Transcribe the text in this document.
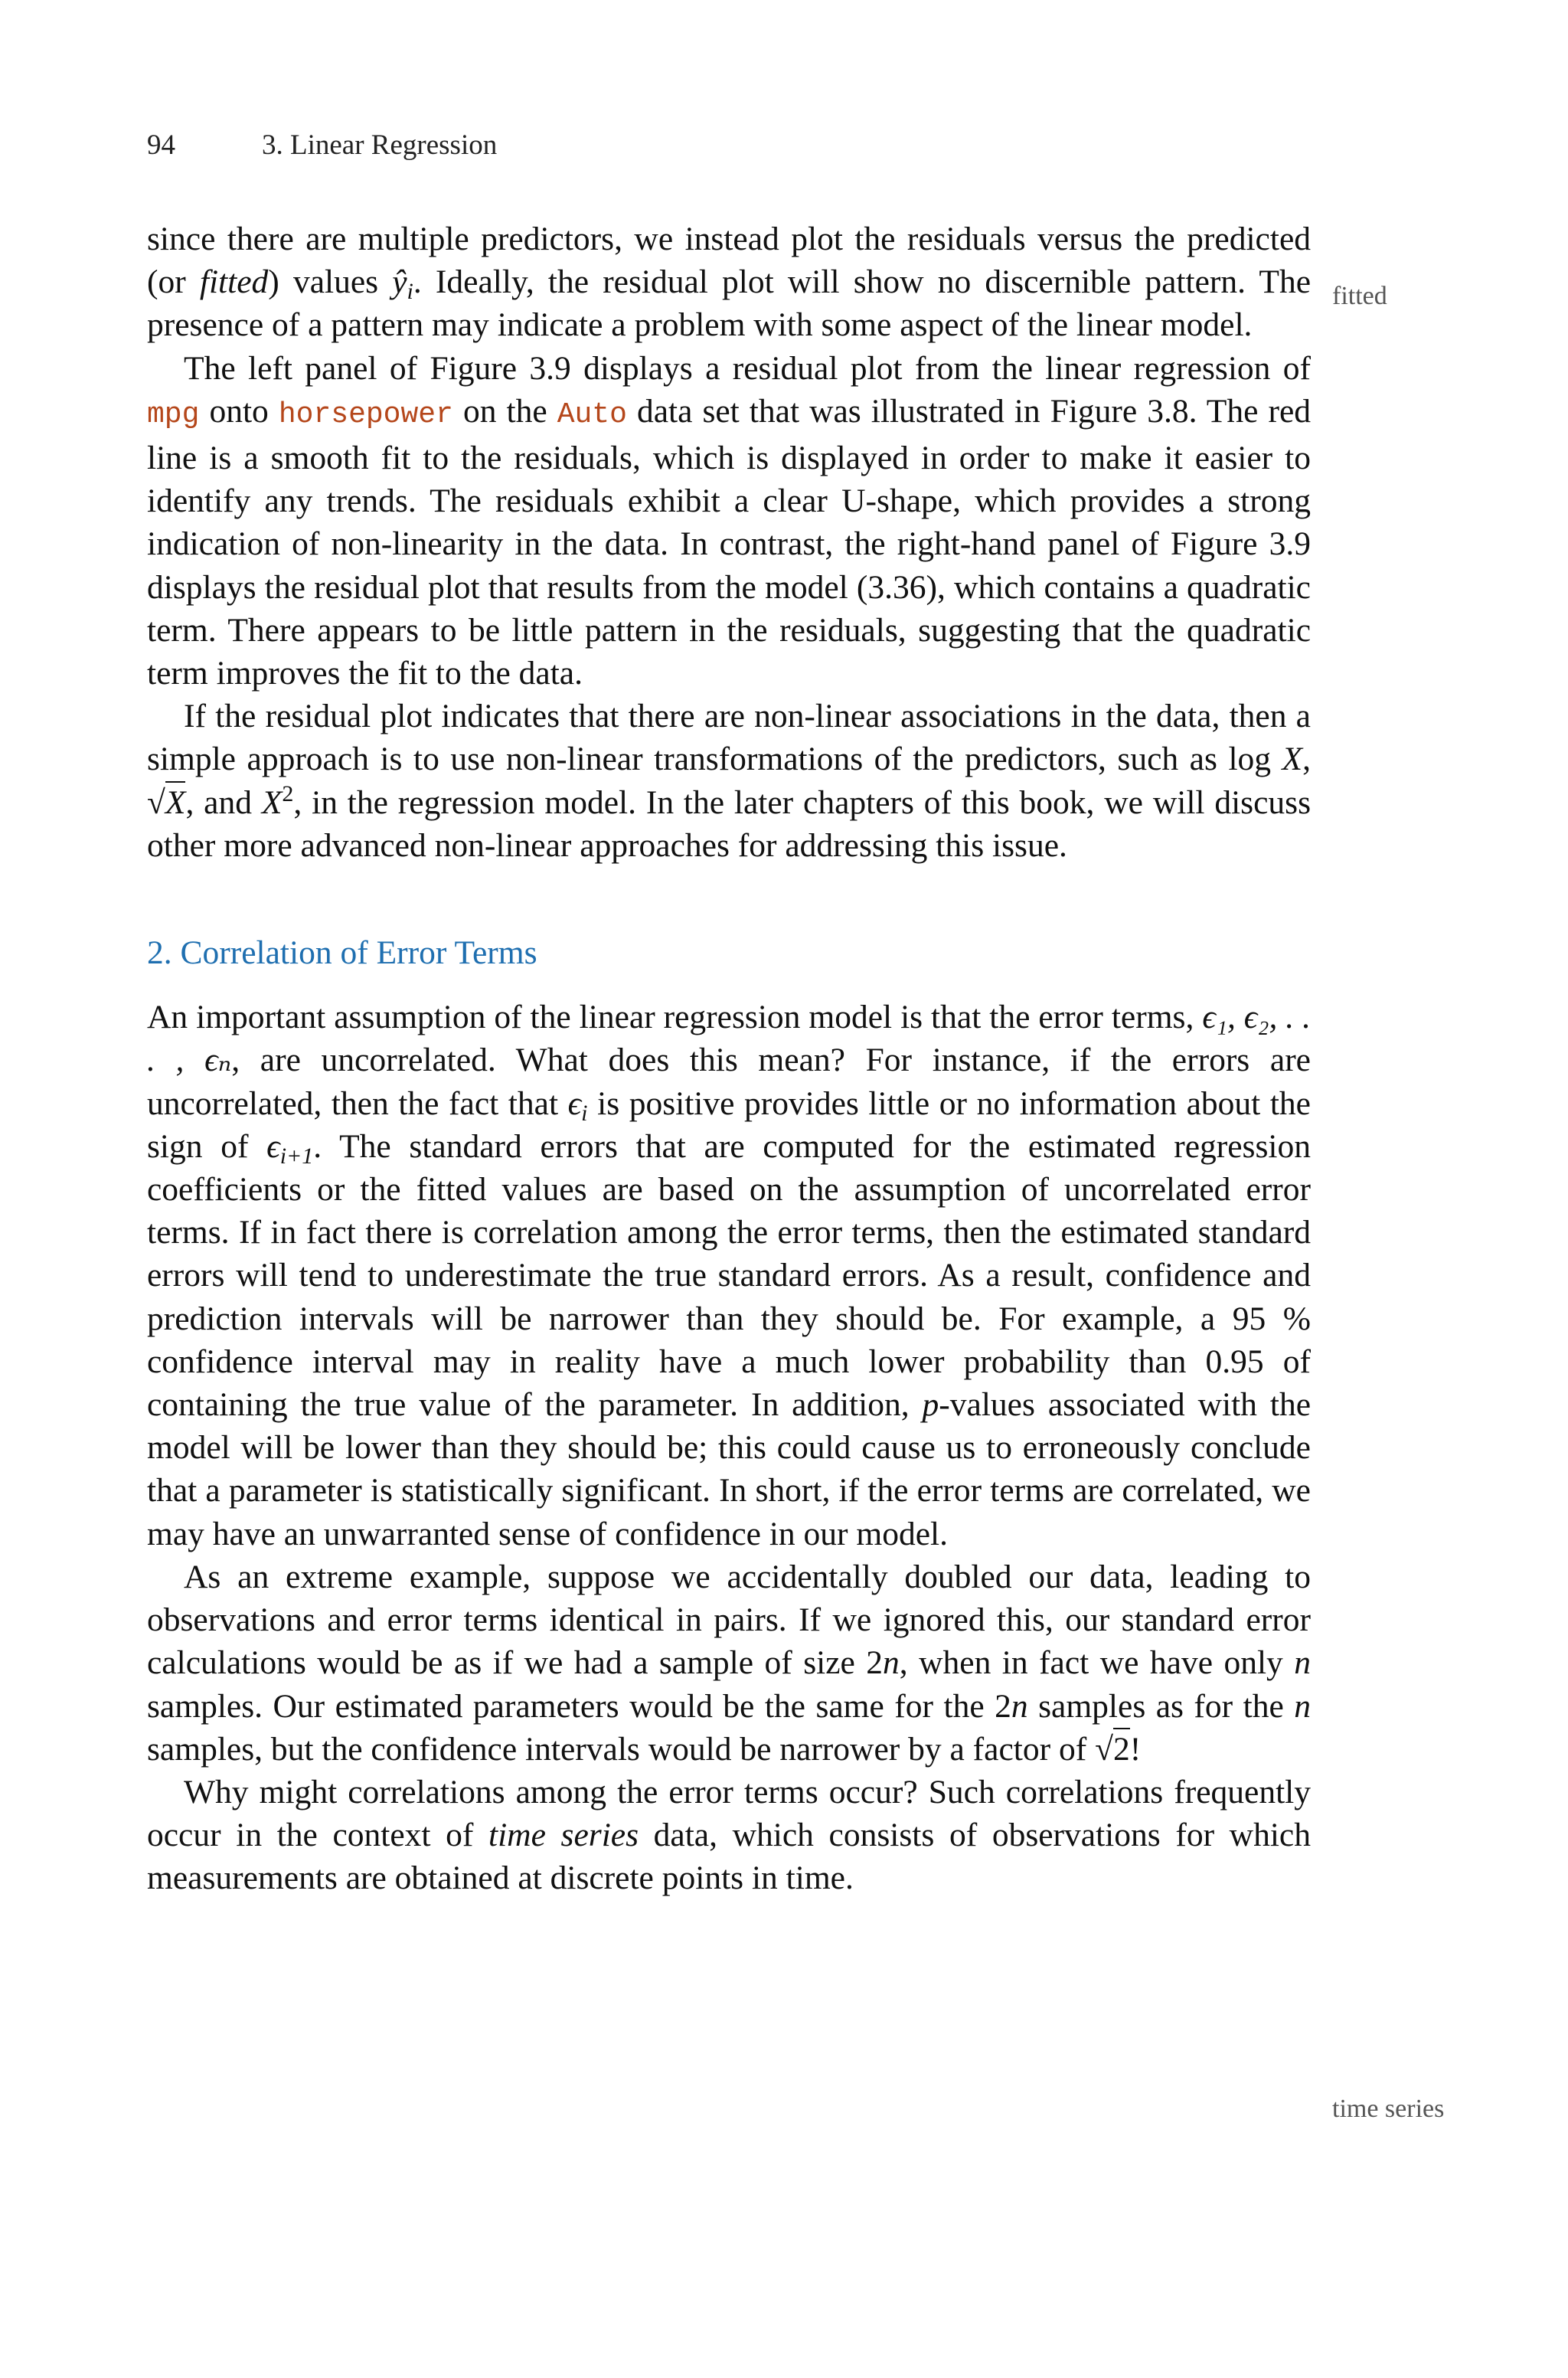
94	3. Linear Regression
fitted
time series

since there are multiple predictors, we instead plot the residuals versus the predicted (or fitted) values $ŷ_i$. Ideally, the residual plot will show no discernible pattern. The presence of a pattern may indicate a problem with some aspect of the linear model.

The left panel of Figure 3.9 displays a residual plot from the linear regression of mpg onto horsepower on the Auto data set that was illustrated in Figure 3.8. The red line is a smooth fit to the residuals, which is displayed in order to make it easier to identify any trends. The residuals exhibit a clear U-shape, which provides a strong indication of non-linearity in the data. In contrast, the right-hand panel of Figure 3.9 displays the residual plot that results from the model (3.36), which contains a quadratic term. There appears to be little pattern in the residuals, suggesting that the quadratic term improves the fit to the data.

If the residual plot indicates that there are non-linear associations in the data, then a simple approach is to use non-linear transformations of the predictors, such as log X, √X, and $X^2$, in the regression model. In the later chapters of this book, we will discuss other more advanced non-linear approaches for addressing this issue.

2. Correlation of Error Terms

An important assumption of the linear regression model is that the error terms, ϵ₁, ϵ₂, . . . , ϵₙ, are uncorrelated. What does this mean? For instance, if the errors are uncorrelated, then the fact that $\epsilon_i$ is positive provides little or no information about the sign of $\epsilon_{i+1}$. The standard errors that are computed for the estimated regression coefficients or the fitted values are based on the assumption of uncorrelated error terms. If in fact there is correlation among the error terms, then the estimated standard errors will tend to underestimate the true standard errors. As a result, confidence and prediction intervals will be narrower than they should be. For example, a 95 % confidence interval may in reality have a much lower probability than 0.95 of containing the true value of the parameter. In addition, p-values associated with the model will be lower than they should be; this could cause us to erroneously conclude that a parameter is statistically significant. In short, if the error terms are correlated, we may have an unwarranted sense of confidence in our model.

As an extreme example, suppose we accidentally doubled our data, leading to observations and error terms identical in pairs. If we ignored this, our standard error calculations would be as if we had a sample of size 2n, when in fact we have only n samples. Our estimated parameters would be the same for the 2n samples as for the n samples, but the confidence intervals would be narrower by a factor of √2!

Why might correlations among the error terms occur? Such correlations frequently occur in the context of time series data, which consists of observations for which measurements are obtained at discrete points in time.
